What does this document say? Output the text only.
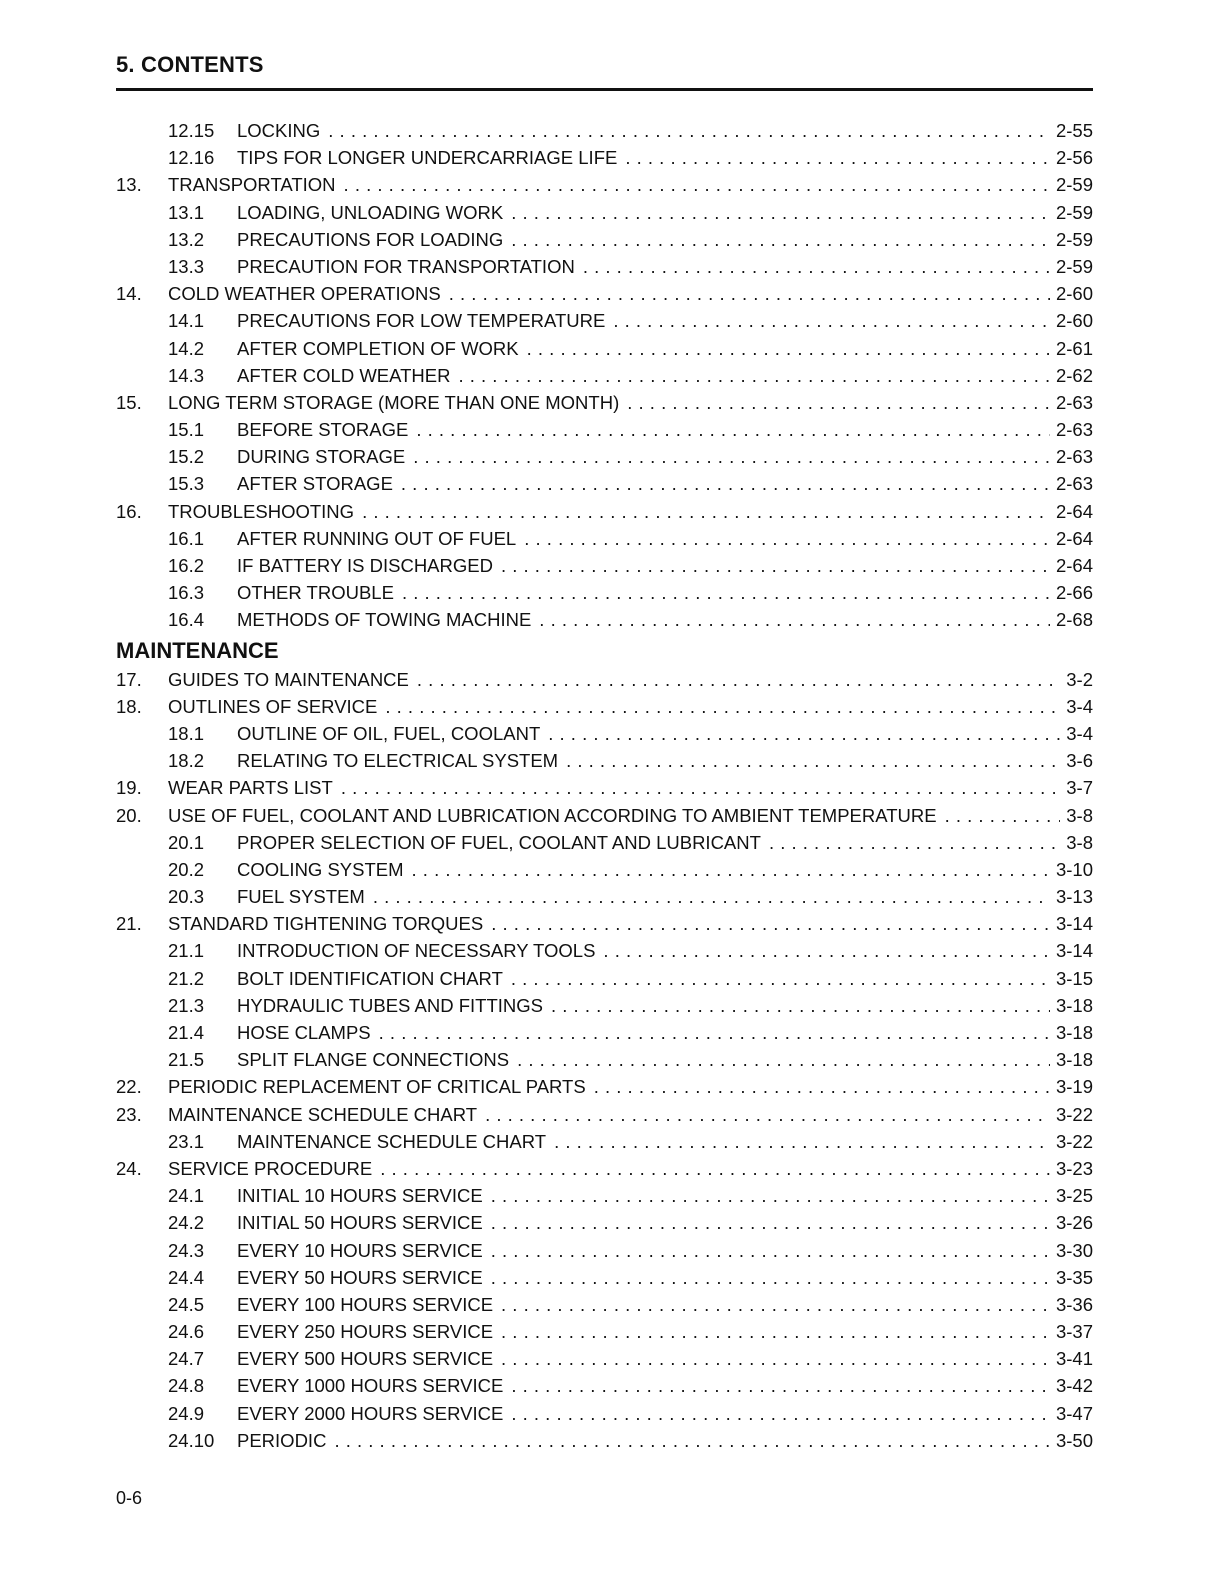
5. CONTENTS
12.15 LOCKING . . .	2-55
12.16 TIPS FOR LONGER UNDERCARRIAGE LIFE . . .	2-56
13. TRANSPORTATION . . .	2-59
13.1 LOADING, UNLOADING WORK . . .	2-59
13.2 PRECAUTIONS FOR LOADING . . .	2-59
13.3 PRECAUTION FOR TRANSPORTATION . . .	2-59
14. COLD WEATHER OPERATIONS . . .	2-60
14.1 PRECAUTIONS FOR LOW TEMPERATURE . . .	2-60
14.2 AFTER COMPLETION OF WORK . . .	2-61
14.3 AFTER COLD WEATHER . . .	2-62
15. LONG TERM STORAGE (MORE THAN ONE MONTH) . . .	2-63
15.1 BEFORE STORAGE . . .	2-63
15.2 DURING STORAGE . . .	2-63
15.3 AFTER STORAGE . . .	2-63
16. TROUBLESHOOTING . . .	2-64
16.1 AFTER RUNNING OUT OF FUEL . . .	2-64
16.2 IF BATTERY IS DISCHARGED . . .	2-64
16.3 OTHER TROUBLE . . .	2-66
16.4 METHODS OF TOWING MACHINE . . .	2-68
MAINTENANCE
17. GUIDES TO MAINTENANCE . . .	3-2
18. OUTLINES OF SERVICE . . .	3-4
18.1 OUTLINE OF OIL, FUEL, COOLANT . . .	3-4
18.2 RELATING TO ELECTRICAL SYSTEM . . .	3-6
19. WEAR PARTS LIST . . .	3-7
20. USE OF FUEL, COOLANT AND LUBRICATION ACCORDING TO AMBIENT TEMPERATURE . . .	3-8
20.1 PROPER SELECTION OF FUEL, COOLANT AND LUBRICANT . . .	3-8
20.2 COOLING SYSTEM . . .	3-10
20.3 FUEL SYSTEM . . .	3-13
21. STANDARD TIGHTENING TORQUES . . .	3-14
21.1 INTRODUCTION OF NECESSARY TOOLS . . .	3-14
21.2 BOLT IDENTIFICATION CHART . . .	3-15
21.3 HYDRAULIC TUBES AND FITTINGS . . .	3-18
21.4 HOSE CLAMPS . . .	3-18
21.5 SPLIT FLANGE CONNECTIONS . . .	3-18
22. PERIODIC REPLACEMENT OF CRITICAL PARTS . . .	3-19
23. MAINTENANCE SCHEDULE CHART . . .	3-22
23.1 MAINTENANCE SCHEDULE CHART . . .	3-22
24. SERVICE PROCEDURE . . .	3-23
24.1 INITIAL 10 HOURS SERVICE . . .	3-25
24.2 INITIAL 50 HOURS SERVICE . . .	3-26
24.3 EVERY 10 HOURS SERVICE . . .	3-30
24.4 EVERY 50 HOURS SERVICE . . .	3-35
24.5 EVERY 100 HOURS SERVICE . . .	3-36
24.6 EVERY 250 HOURS SERVICE . . .	3-37
24.7 EVERY 500 HOURS SERVICE . . .	3-41
24.8 EVERY 1000 HOURS SERVICE . . .	3-42
24.9 EVERY 2000 HOURS SERVICE . . .	3-47
24.10 PERIODIC . . .	3-50
0-6
